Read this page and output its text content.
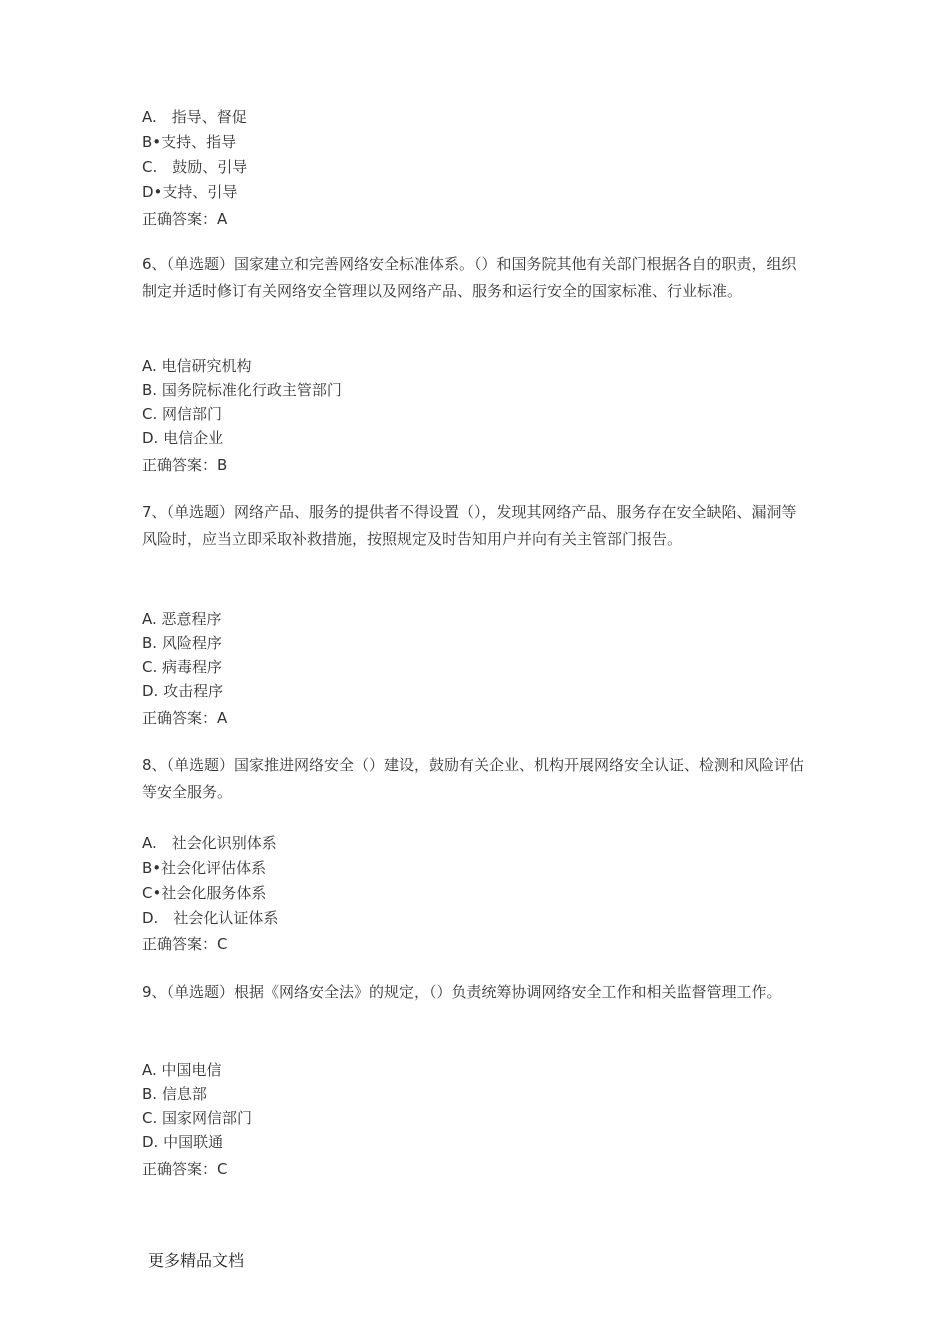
A.　指导、督促
B•支持、指导
C.　鼓励、引导
D•支持、引导
正确答案：A
6、（单选题）国家建立和完善网络安全标准体系。（）和国务院其他有关部门根据各自的职责，组织制定并适时修订有关网络安全管理以及网络产品、服务和运行安全的国家标准、行业标准。
A. 电信研究机构
B. 国务院标准化行政主管部门
C. 网信部门
D. 电信企业
正确答案：B
7、（单选题）网络产品、服务的提供者不得设置（），发现其网络产品、服务存在安全缺陷、漏洞等风险时，应当立即采取补救措施，按照规定及时告知用户并向有关主管部门报告。
A. 恶意程序
B. 风险程序
C. 病毒程序
D. 攻击程序
正确答案：A
8、（单选题）国家推进网络安全（）建设，鼓励有关企业、机构开展网络安全认证、检测和风险评估等安全服务。
A.　社会化识别体系
B•社会化评估体系
C•社会化服务体系
D.　社会化认证体系
正确答案：C
9、（单选题）根据《网络安全法》的规定，（）负责统筹协调网络安全工作和相关监督管理工作。
A. 中国电信
B. 信息部
C. 国家网信部门
D. 中国联通
正确答案：C
更多精品文档
